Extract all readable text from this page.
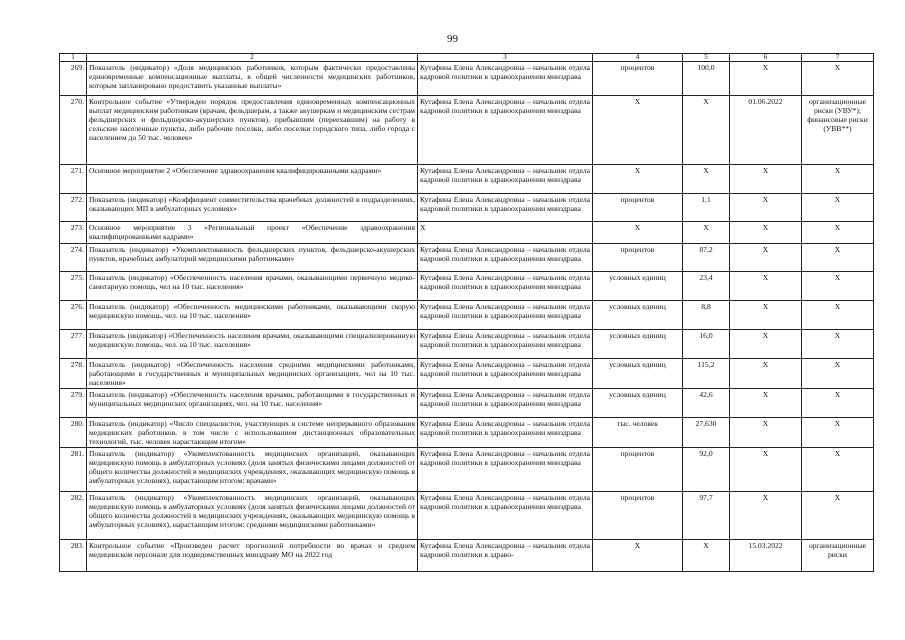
99
1	2	3	4	5	6	7
269.	Показатель (индикатор) «Доля медицинских работников, которым фактически предоставлены единовременные компенсационные выплаты, в общей численности медицинских работников, которым запланировано предоставить указанные выплаты»	Кутафина Елена Александровна – начальник отдела кадровой политики в здравоохранении минздрава	процентов	100,0	X	X
270.	Контрольное событие «Утвержден порядок предоставления единовременных компенсационных выплат медицинским работникам (врачам, фельдшерам, а также акушеркам и медицинским сестрам фельдшерских и фельдшерско-акушерских пунктов), прибывшим (переехавшим) на работу в сельские населенные пункты, либо рабочие поселки, либо поселки городского типа, либо города с населением до 50 тыс. человек»	Кутафина Елена Александровна – начальник отдела кадровой политики в здравоохранении минздрава	X	X	01.06.2022	организационные риски (УВУ*); финансовые риски (УВВ**)
271.	Основное мероприятие 2 «Обеспечение здравоохранения квалифицированными кадрами»	Кутафина Елена Александровна – начальник отдела кадровой политики в здравоохранении минздрава	X	X	X	X
272.	Показатель (индикатор) «Коэффициент совместительства врачебных должностей в подразделениях, оказывающих МП в амбулаторных условиях»	Кутафина Елена Александровна – начальник отдела кадровой политики в здравоохранении минздрава	процентов	1,1	X	X
273.	Основное мероприятие 3 «Региональный проект «Обеспечение здравоохранения квалифицированными кадрами»	X	X	X	X	X
274.	Показатель (индикатор) «Укомплектованность фельдшерских пунктов, фельдшерско-акушерских пунктов, врачебных амбулаторий медицинскими работниками»	Кутафина Елена Александровна – начальник отдела кадровой политики в здравоохранении минздрава	процентов	87,2	X	X
275.	Показатель (индикатор) «Обеспеченность населения врачами, оказывающими первичную медико-санитарную помощь, чел на 10 тыс. населения»	Кутафина Елена Александровна – начальник отдела кадровой политики в здравоохранении минздрава	условных единиц	23,4	X	X
276.	Показатель (индикатор) «Обеспеченность медицинскими работниками, оказывающими скорую медицинскую помощь, чел. на 10 тыс. населения»	Кутафина Елена Александровна – начальник отдела кадровой политики в здравоохранении минздрава	условных единиц	8,8	X	X
277.	Показатель (индикатор) «Обеспеченность населения врачами, оказывающими специализированную медицинскую помощь, чел. на 10 тыс. населения»	Кутафина Елена Александровна – начальник отдела кадровой политики в здравоохранении минздрава	условных единиц	16,0	X	X
278.	Показатель (индикатор) «Обеспеченность населения средними медицинскими работниками, работающими в государственных и муниципальных медицинских организациях, чел на 10 тыс. населения»	Кутафина Елена Александровна – начальник отдела кадровой политики в здравоохранении минздрава	условных единиц	115,2	X	X
279.	Показатель (индикатор) «Обеспеченность населения врачами, работающими в государственных и муниципальных медицинских организациях, чел. на 10 тыс. населения»	Кутафина Елена Александровна – начальник отдела кадровой политики в здравоохранении минздрава	условных единиц	42,6	X	X
280.	Показатель (индикатор) «Число специалистов, участвующих в системе непрерывного образования медицинских работников, в том числе с использованием дистанционных образовательных технологий, тыс. человек нарастающим итогом»	Кутафина Елена Александровна – начальник отдела кадровой политики в здравоохранении минздрава	тыс. человек	27,630	X	X
281.	Показатель (индикатор) «Укомплектованность медицинских организаций, оказывающих медицинскую помощь в амбулаторных условиях (доля занятых физическими лицами должностей от общего количества должностей в медицинских учреждениях, оказывающих медицинскую помощь в амбулаторных условиях), нарастающим итогом: врачами»	Кутафина Елена Александровна – начальник отдела кадровой политики в здравоохранении минздрава	процентов	92,0	X	X
282.	Показатель (индикатор) «Укомплектованность медицинских организаций, оказывающих медицинскую помощь в амбулаторных условиях (доля занятых физическими лицами должностей от общего количества должностей в медицинских учреждениях, оказывающих медицинскую помощь в амбулаторных условиях), нарастающим итогом: средними медицинскими работниками»	Кутафина Елена Александровна – начальник отдела кадровой политики в здравоохранении минздрава	процентов	97,7	X	X
283.	Контрольное событие «Произведен расчет прогнозной потребности во врачах и среднем медицинском персонале для подведомственных минздраву МО на 2022 год	Кутафина Елена Александровна – начальник отдела кадровой политики в здраво-	X	X	15.03.2022	организационные риски
